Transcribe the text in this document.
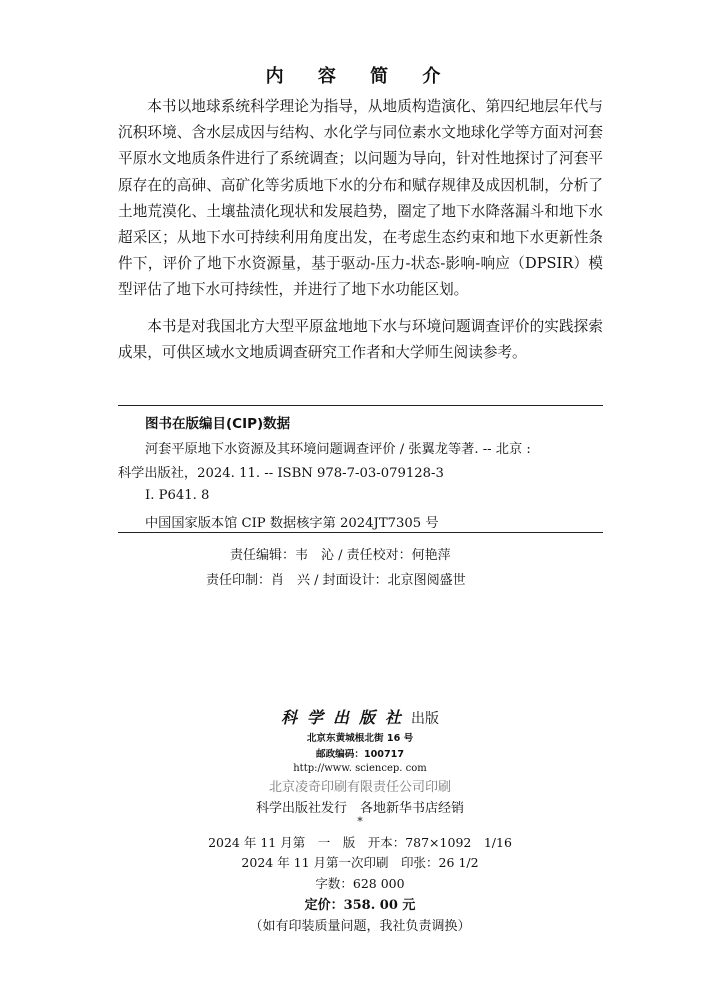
内 容 简 介

本书以地球系统科学理论为指导，从地质构造演化、第四纪地层年代与沉积环境、含水层成因与结构、水化学与同位素水文地球化学等方面对河套平原水文地质条件进行了系统调查；以问题为导向，针对性地探讨了河套平原存在的高砷、高矿化等劣质地下水的分布和赋存规律及成因机制，分析了土地荒漠化、土壤盐渍化现状和发展趋势，圈定了地下水降落漏斗和地下水超采区；从地下水可持续利用角度出发，在考虑生态约束和地下水更新性条件下，评价了地下水资源量，基于驱动-压力-状态-影响-响应（DPSIR）模型评估了地下水可持续性，并进行了地下水功能区划。

本书是对我国北方大型平原盆地地下水与环境问题调查评价的实践探索成果，可供区域水文地质调查研究工作者和大学师生阅读参考。

图书在版编目(CIP)数据
河套平原地下水资源及其环境问题调查评价 / 张翼龙等著. -- 北京 :
科学出版社，2024. 11. -- ISBN 978-7-03-079128-3
Ⅰ. P641. 8
中国国家版本馆 CIP 数据核字第 2024JT7305 号
责任编辑：韦　沁 / 责任校对：何艳萍
责任印制：肖　兴 / 封面设计：北京图阅盛世
科学出版社出版
北京东黄城根北街 16 号
邮政编码：100717
http://www. sciencep. com
北京凌奇印刷有限责任公司印刷
科学出版社发行　各地新华书店经销
*
2024 年 11 月第　一　版　开本：787×1092　1/16
2024 年 11 月第一次印刷　印张：26 1/2
字数：628 000
定价：358. 00 元
（如有印装质量问题，我社负责调换）
